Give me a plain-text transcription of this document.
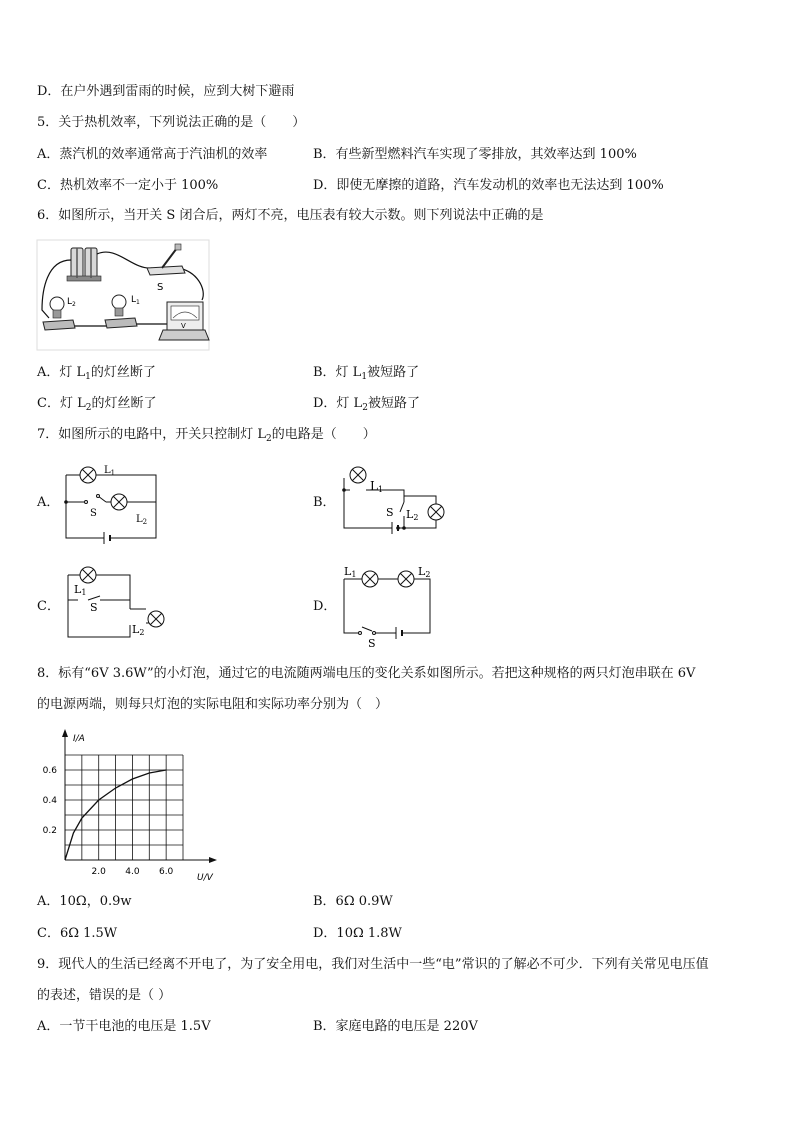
D．在户外遇到雷雨的时候，应到大树下避雨
5．关于热机效率，下列说法正确的是（　　）
A．蒸汽机的效率通常高于汽油机的效率	B．有些新型燃料汽车实现了零排放，其效率达到 100%
C．热机效率不一定小于 100%	D．即使无摩擦的道路，汽车发动机的效率也无法达到 100%
6．如图所示，当开关 S 闭合后，两灯不亮，电压表有较大示数。则下列说法中正确的是
S
$L_2$	$L_1$
V
A．灯 $L_1$的灯丝断了	B．灯 $L_1$被短路了
C．灯 $L_2$的灯丝断了	D．灯 $L_2$被短路了
7．如图所示的电路中，开关只控制灯 $L_2$的电路是（　　）
A．
$L_1$
S
$L_2$
B．
L1
S L2
C．
L1
S
L2
D．
L1	L2
S
8．标有“6V 3.6W”的小灯泡，通过它的电流随两端电压的变化关系如图所示。若把这种规格的两只灯泡串联在 6V
的电源两端，则每只灯泡的实际电阻和实际功率分别为（　）
2.0 4.0 6.0
0.2
0.4
0.6
I/A
U/V
A．10Ω，0.9w	B．6Ω 0.9W
C．6Ω 1.5W	D．10Ω 1.8W
9．现代人的生活已经离不开电了，为了安全用电，我们对生活中一些“电”常识的了解必不可少．下列有关常见电压值
的表述，错误的是（ ）
A．一节干电池的电压是 1.5V	B．家庭电路的电压是 220V
